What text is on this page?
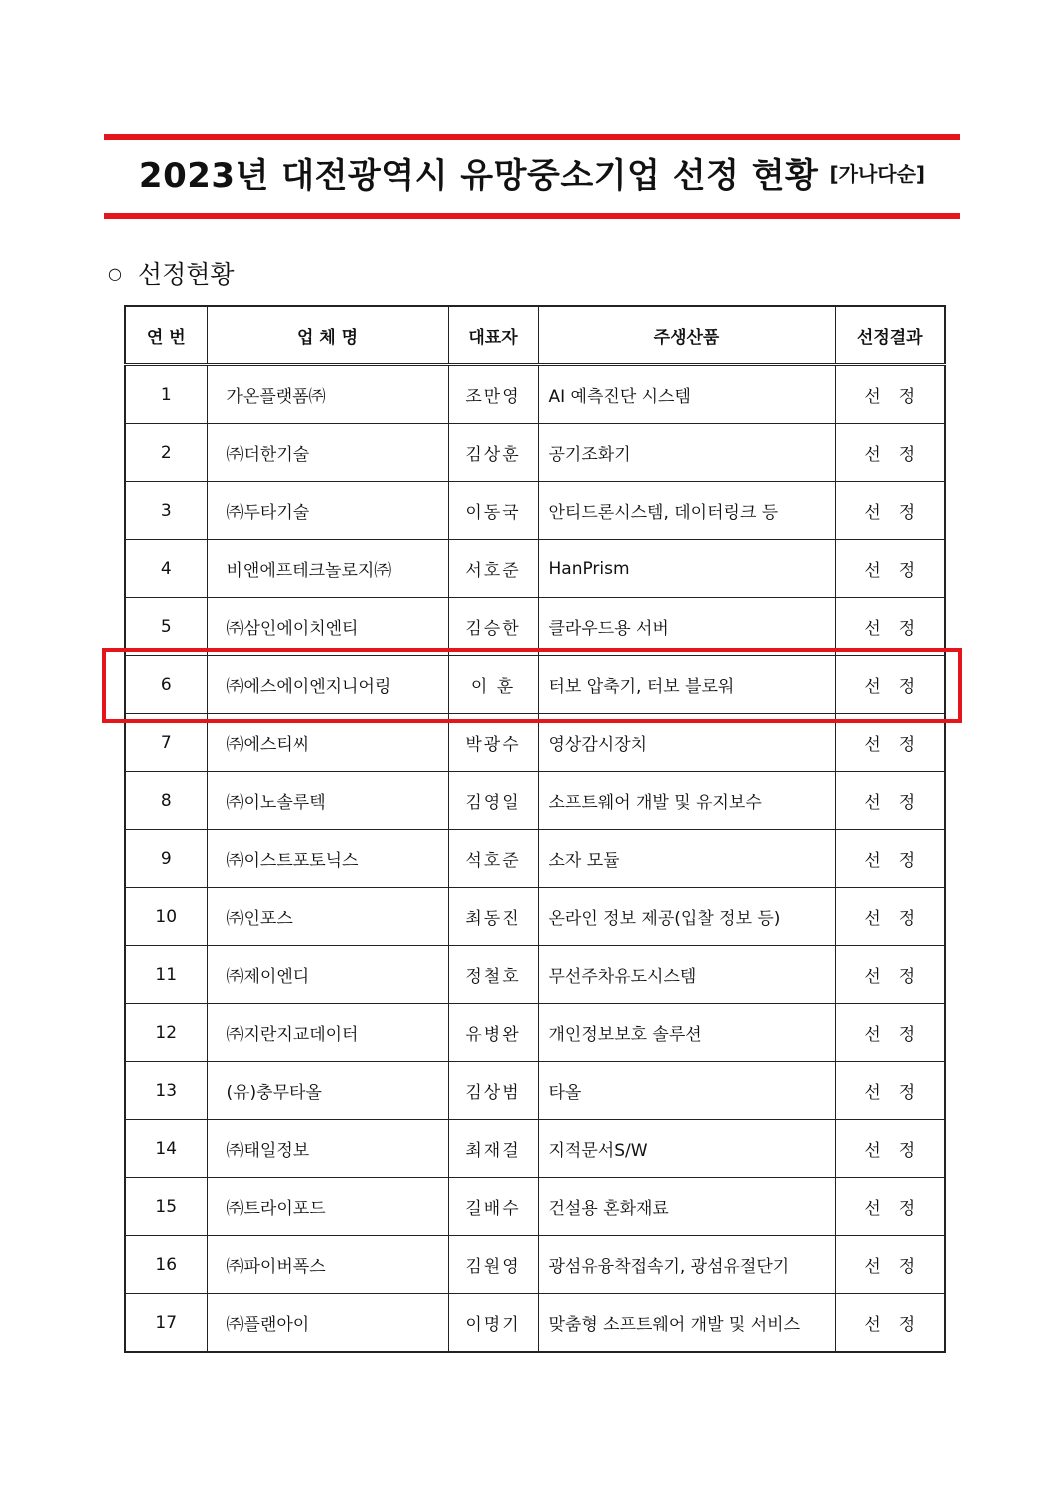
2023년 대전광역시 유망중소기업 선정 현황 [가나다순]
○ 선정현황
연 번	업 체 명	대표자	주생산품	선정결과
1	가온플랫폼㈜	조만영	AI 예측진단 시스템	선정
2	㈜더한기술	김상훈	공기조화기	선정
3	㈜두타기술	이동국	안티드론시스템, 데이터링크 등	선정
4	비앤에프테크놀로지㈜	서호준	HanPrism	선정
5	㈜삼인에이치엔티	김승한	클라우드용 서버	선정
6	㈜에스에이엔지니어링	이 훈	터보 압축기, 터보 블로워	선정
7	㈜에스티씨	박광수	영상감시장치	선정
8	㈜이노솔루텍	김영일	소프트웨어 개발 및 유지보수	선정
9	㈜이스트포토닉스	석호준	소자 모듈	선정
10	㈜인포스	최동진	온라인 정보 제공(입찰 정보 등)	선정
11	㈜제이엔디	정철호	무선주차유도시스템	선정
12	㈜지란지교데이터	유병완	개인정보보호 솔루션	선정
13	(유)충무타올	김상범	타올	선정
14	㈜태일정보	최재걸	지적문서S/W	선정
15	㈜트라이포드	길배수	건설용 혼화재료	선정
16	㈜파이버폭스	김원영	광섬유융착접속기, 광섬유절단기	선정
17	㈜플랜아이	이명기	맞춤형 소프트웨어 개발 및 서비스	선정
